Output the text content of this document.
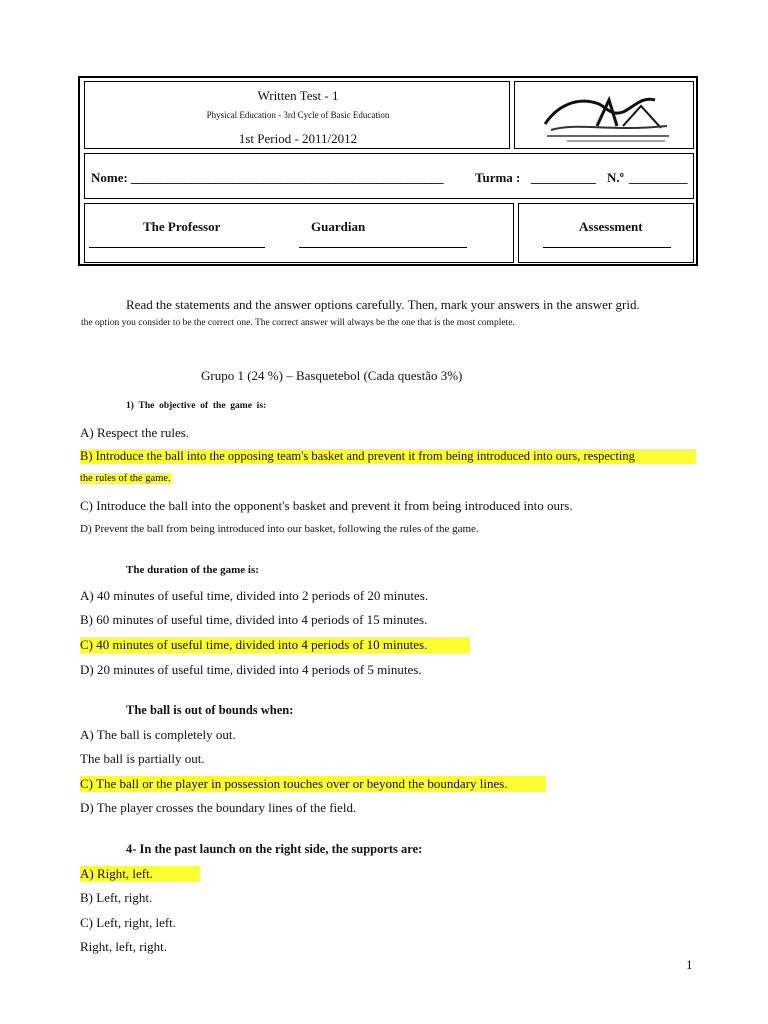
Written Test - 1
Physical Education - 3rd Cycle of Basic Education
1st Period - 2011/2012
Nome: ____________________________________________________ Turma : __________ N.º _________
The Professor	Guardian	Assessment
Read the statements and the answer options carefully. Then, mark your answers in the answer grid.
the option you consider to be the correct one. The correct answer will always be the one that is the most complete.
Grupo 1 (24 %) – Basquetebol (Cada questão 3%)
1)  The  objective  of  the  game  is:
A) Respect the rules.
B) Introduce the ball into the opposing team's basket and prevent it from being introduced into ours, respecting
the rules of the game.
C) Introduce the ball into the opponent's basket and prevent it from being introduced into ours.
D) Prevent the ball from being introduced into our basket, following the rules of the game.
The duration of the game is:
A) 40 minutes of useful time, divided into 2 periods of 20 minutes.
B) 60 minutes of useful time, divided into 4 periods of 15 minutes.
C) 40 minutes of useful time, divided into 4 periods of 10 minutes.
D) 20 minutes of useful time, divided into 4 periods of 5 minutes.
The ball is out of bounds when:
A) The ball is completely out.
The ball is partially out.
C) The ball or the player in possession touches over or beyond the boundary lines.
D) The player crosses the boundary lines of the field.
4- In the past launch on the right side, the supports are:
A) Right, left.
B) Left, right.
C) Left, right, left.
Right, left, right.
1
